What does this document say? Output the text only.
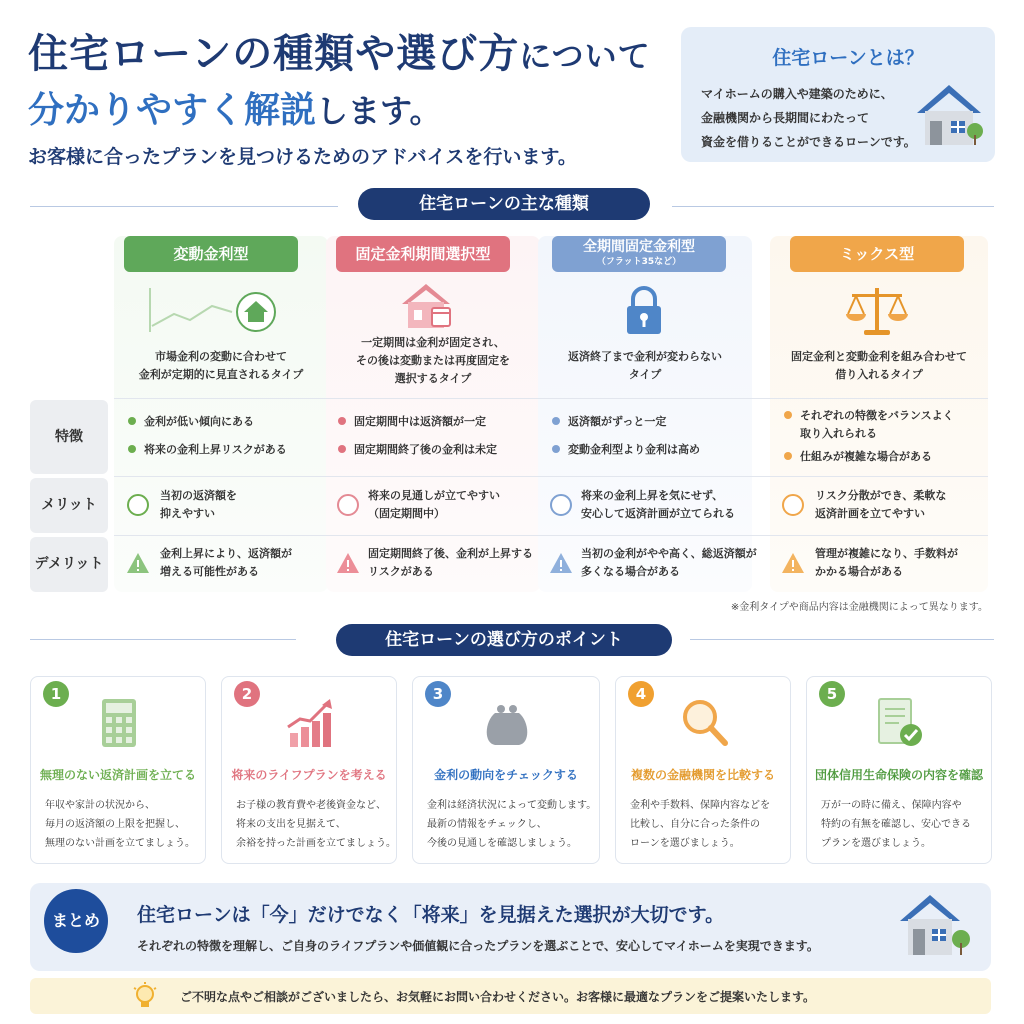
住宅ローンの種類や選び方について
分かりやすく解説します。
お客様に合ったプランを見つけるためのアドバイスを行います。
住宅ローンとは？
マイホームの購入や建築のために、
金融機関から長期間にわたって
資金を借りることができるローンです。
住宅ローンの主な種類
変動金利型
市場金利の変動に合わせて
金利が定期的に見直されるタイプ
固定金利期間選択型
一定期間は金利が固定され、
その後は変動または再度固定を
選択するタイプ
全期間固定金利型
（フラット35など）
返済終了まで金利が変わらない
タイプ
ミックス型
固定金利と変動金利を組み合わせて
借り入れるタイプ
特徴
メリット
デメリット
金利が低い傾向にある
将来の金利上昇リスクがある
固定期間中は返済額が一定
固定期間終了後の金利は未定
返済額がずっと一定
変動金利型より金利は高め
それぞれの特徴をバランスよく
取り入れられる
仕組みが複雑な場合がある
当初の返済額を
抑えやすい
将来の見通しが立てやすい
（固定期間中）
将来の金利上昇を気にせず、
安心して返済計画が立てられる
リスク分散ができ、柔軟な
返済計画を立てやすい
金利上昇により、返済額が
増える可能性がある
固定期間終了後、金利が上昇する
リスクがある
当初の金利がやや高く、総返済額が
多くなる場合がある
管理が複雑になり、手数料が
かかる場合がある
※金利タイプや商品内容は金融機関によって異なります。
住宅ローンの選び方のポイント
1
無理のない返済計画を立てる
年収や家計の状況から、
毎月の返済額の上限を把握し、
無理のない計画を立てましょう。
2
将来のライフプランを考える
お子様の教育費や老後資金など、
将来の支出を見据えて、
余裕を持った計画を立てましょう。
3
金利の動向をチェックする
金利は経済状況によって変動します。
最新の情報をチェックし、
今後の見通しを確認しましょう。
4
複数の金融機関を比較する
金利や手数料、保障内容などを
比較し、自分に合った条件の
ローンを選びましょう。
5
団体信用生命保険の内容を確認
万が一の時に備え、保障内容や
特約の有無を確認し、安心できる
プランを選びましょう。
まとめ	住宅ローンは「今」だけでなく「将来」を見据えた選択が大切です。
それぞれの特徴を理解し、ご自身のライフプランや価値観に合ったプランを選ぶことで、安心してマイホームを実現できます。
ご不明な点やご相談がございましたら、お気軽にお問い合わせください。お客様に最適なプランをご提案いたします。
